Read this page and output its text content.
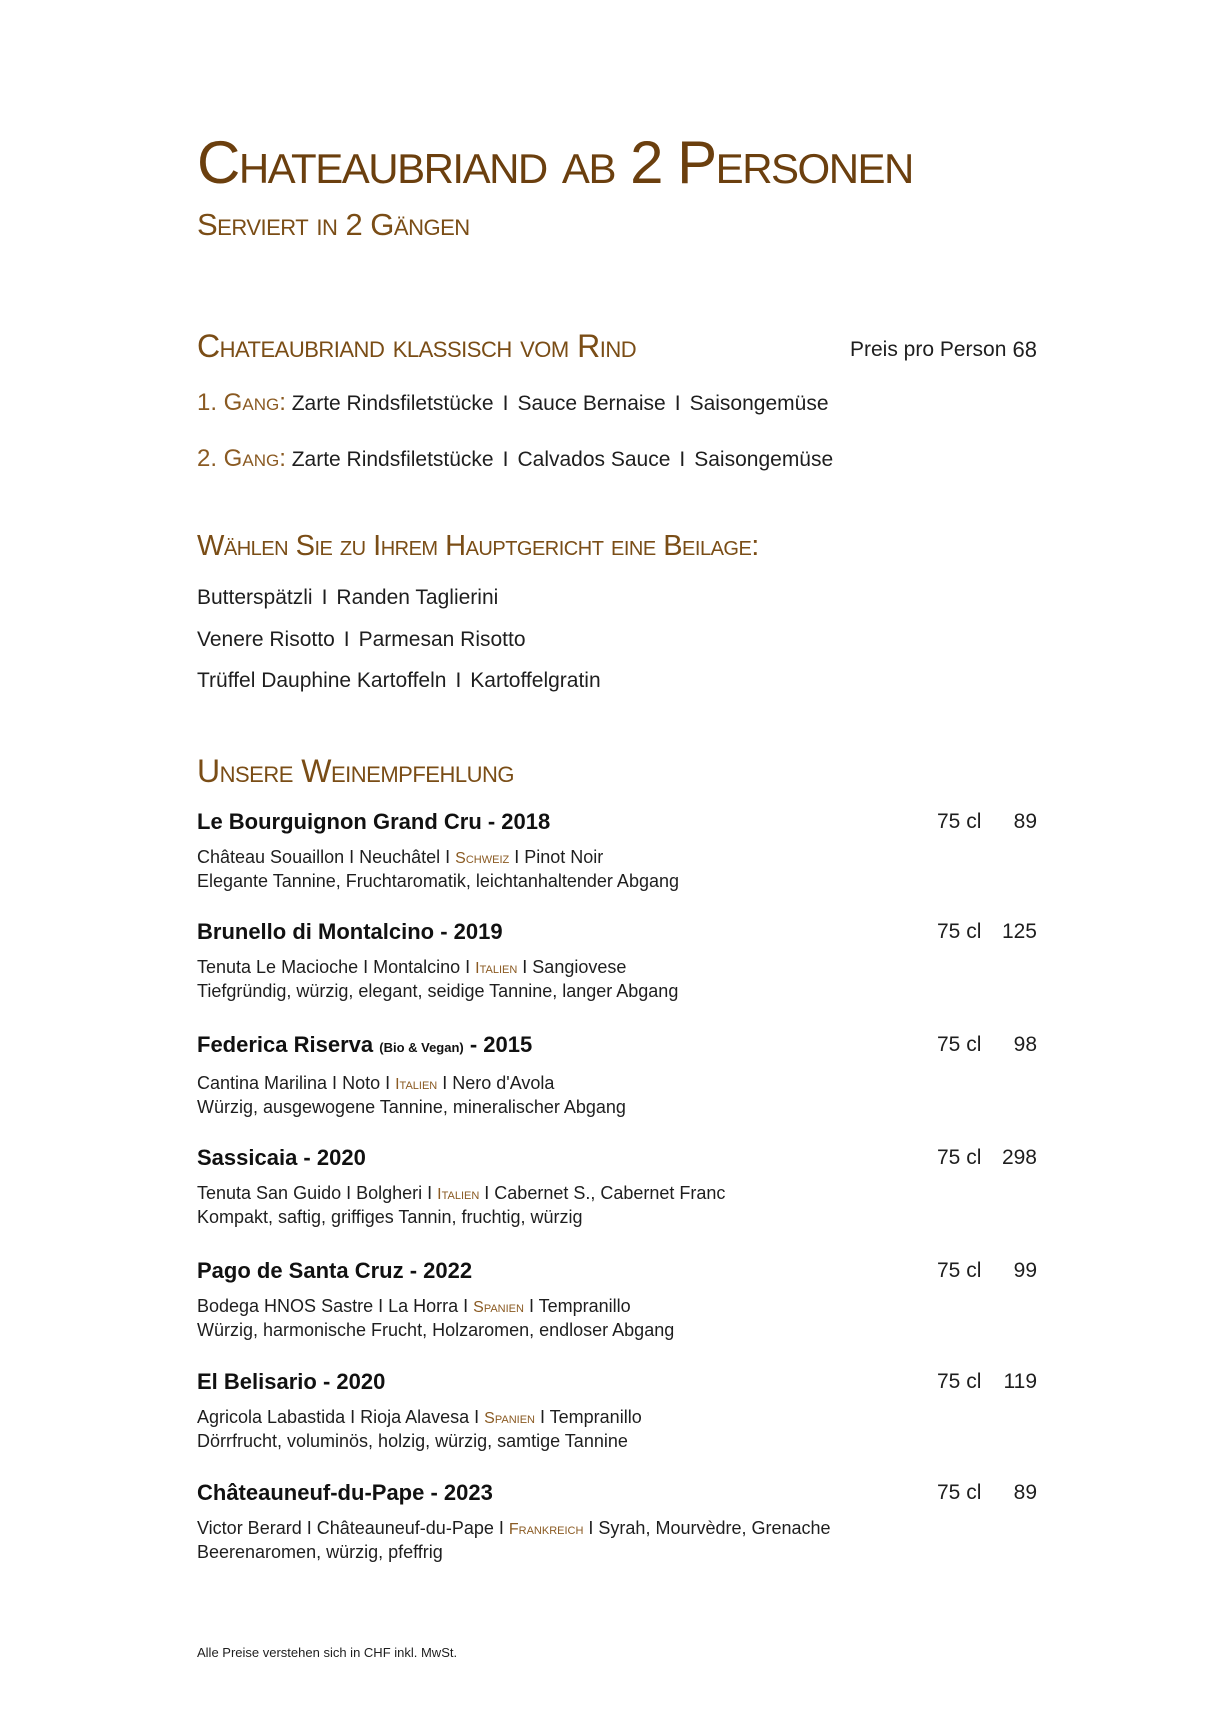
Chateaubriand ab 2 Personen
Serviert in 2 Gängen
Chateaubriand klassisch vom Rind	Preis pro Person 68
1. Gang: Zarte Rindsfiletstücke I Sauce Bernaise I Saisongemüse
2. Gang: Zarte Rindsfiletstücke I Calvados Sauce I Saisongemüse
Wählen Sie zu Ihrem Hauptgericht eine Beilage:
Butterspätzli I Randen Taglierini
Venere Risotto I Parmesan Risotto
Trüffel Dauphine Kartoffeln I Kartoffelgratin
Unsere Weinempfehlung
Le Bourguignon Grand Cru - 2018	75 cl	89
Château Souaillon I Neuchâtel I Schweiz I Pinot Noir
Elegante Tannine, Fruchtaromatik, leichtanhaltender Abgang
Brunello di Montalcino - 2019	75 cl 125
Tenuta Le Macioche I Montalcino I Italien I Sangiovese
Tiefgründig, würzig, elegant, seidige Tannine, langer Abgang
Federica Riserva (Bio & Vegan) - 2015	75 cl	98
Cantina Marilina I Noto I Italien I Nero d'Avola
Würzig, ausgewogene Tannine, mineralischer Abgang
Sassicaia - 2020	75 cl 298
Tenuta San Guido I Bolgheri I Italien I Cabernet S., Cabernet Franc
Kompakt, saftig, griffiges Tannin, fruchtig, würzig
Pago de Santa Cruz - 2022	75 cl	99
Bodega HNOS Sastre I La Horra I Spanien I Tempranillo
Würzig, harmonische Frucht, Holzaromen, endloser Abgang
El Belisario - 2020	75 cl	119
Agricola Labastida I Rioja Alavesa I Spanien I Tempranillo
Dörrfrucht, voluminös, holzig, würzig, samtige Tannine
Châteauneuf-du-Pape - 2023	75 cl	89
Victor Berard I Châteauneuf-du-Pape I Frankreich I Syrah, Mourvèdre, Grenache
Beerenaromen, würzig, pfeffrig
Alle Preise verstehen sich in CHF inkl. MwSt.
